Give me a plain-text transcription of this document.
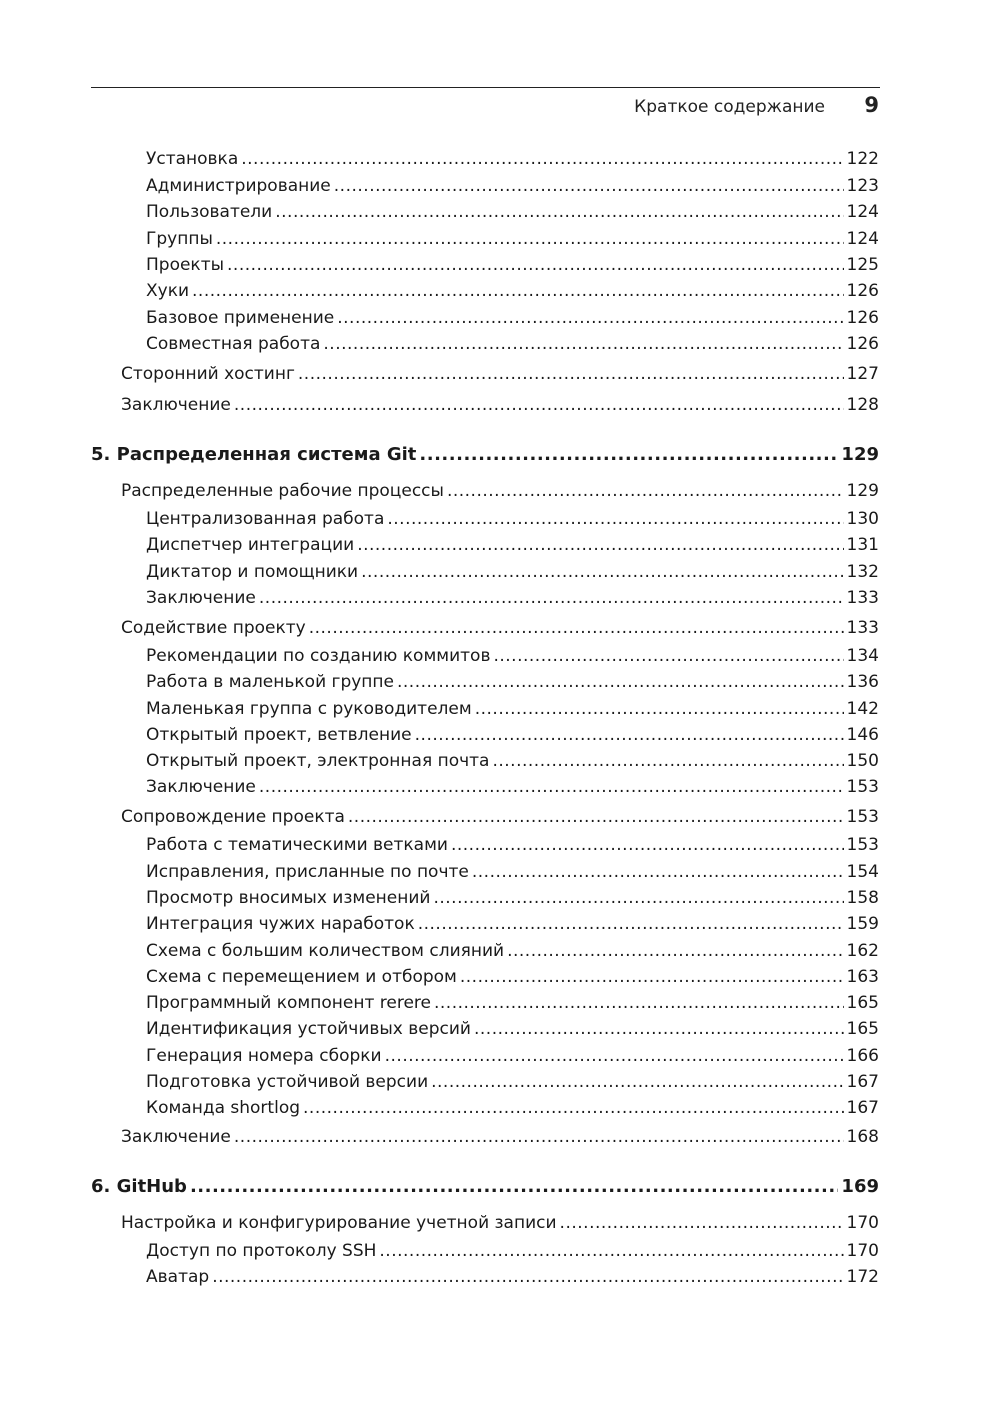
Краткое содержание 9
Установка .....	122
Администрирование .....	123
Пользователи .....	124
Группы .....	124
Проекты .....	125
Хуки .....	126
Базовое применение .....	126
Совместная работа .....	126
Сторонний хостинг .....	127
Заключение .....	128
5. Распределенная система Git .....	129
Распределенные рабочие процессы .....	129
Централизованная работа .....	130
Диспетчер интеграции .....	131
Диктатор и помощники .....	132
Заключение .....	133
Содействие проекту .....	133
Рекомендации по созданию коммитов .....	134
Работа в маленькой группе .....	136
Маленькая группа с руководителем .....	142
Открытый проект, ветвление .....	146
Открытый проект, электронная почта .....	150
Заключение .....	153
Сопровождение проекта .....	153
Работа с тематическими ветками .....	153
Исправления, присланные по почте .....	154
Просмотр вносимых изменений .....	158
Интеграция чужих наработок .....	159
Схема с большим количеством слияний .....	162
Схема с перемещением и отбором .....	163
Программный компонент rerere .....	165
Идентификация устойчивых версий .....	165
Генерация номера сборки .....	166
Подготовка устойчивой версии .....	167
Команда shortlog .....	167
Заключение .....	168
6. GitHub .....	169
Настройка и конфигурирование учетной записи .....	170
Доступ по протоколу SSH .....	170
Аватар .....	172
